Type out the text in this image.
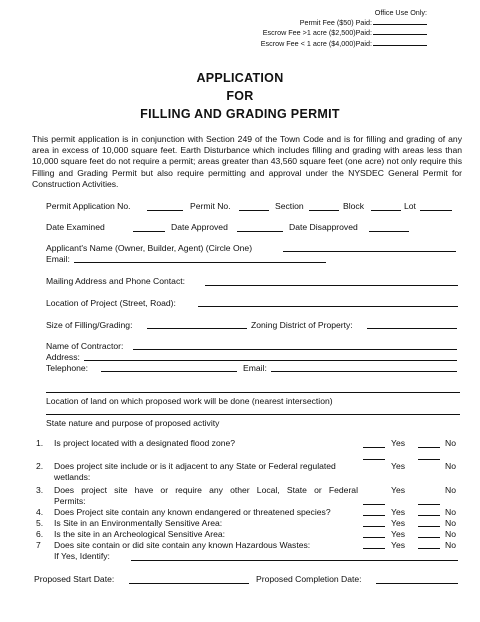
Office Use Only:
Permit Fee ($50) Paid:
Escrow Fee >1 acre ($2,500)Paid:
Escrow Fee < 1 acre ($4,000)Paid:
APPLICATION
FOR
FILLING AND GRADING PERMIT
This permit application is in conjunction with Section 249 of the Town Code and is for filling and grading of any area in excess of 10,000 square feet. Earth Disturbance which includes filling and grading with areas less than 10,000 square feet do not require a permit; areas greater than 43,560 square feet (one acre) not only require this Filling and Grading Permit but also require permitting and approval under the NYSDEC General Permit for Construction Activities.
Permit Application No.	Permit No.	Section	Block	Lot
Date Examined	Date Approved	Date Disapproved
Applicant's Name (Owner, Builder, Agent) (Circle One)
Email:
Mailing Address and Phone Contact:
Location of Project (Street, Road):
Size of Filling/Grading:	Zoning District of Property:
Name of Contractor:
Address:
Telephone:	Email:
Location of land on which proposed work will be done (nearest intersection)
State nature and purpose of proposed activity
1. Is project located with a designated flood zone?	Yes	No
2. Does project site include or is it adjacent to any State or Federal regulated
wetlands:
Yes	No
3. Does project site have or require any other Local, State or Federal
Permits:
Yes	No
4. Does Project site contain any known endangered or threatened species?	Yes	No
5. Is Site in an Environmentally Sensitive Area:	Yes	No
6. Is the site in an Archeological Sensitive Area:	Yes	No
7 Does site contain or did site contain any known Hazardous Wastes:	Yes	No
If Yes, Identify:
Proposed Start Date:	Proposed Completion Date:
